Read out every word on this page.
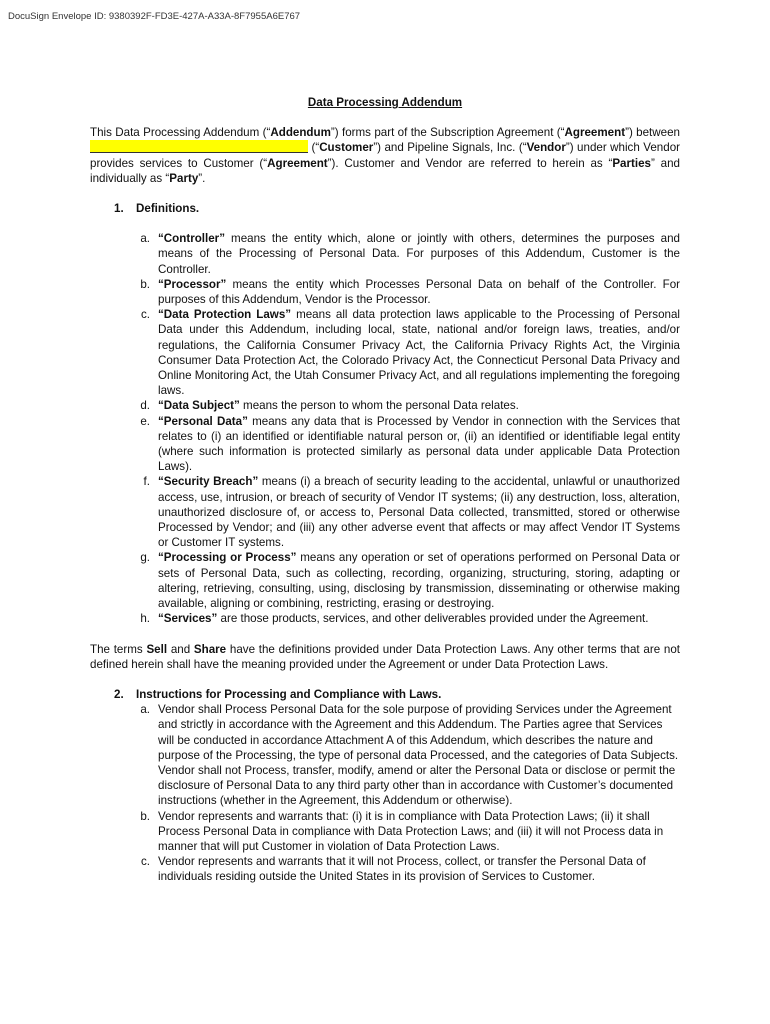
DocuSign Envelope ID: 9380392F-FD3E-427A-A33A-8F7955A6E767
Data Processing Addendum
This Data Processing Addendum (“Addendum”) forms part of the Subscription Agreement (“Agreement”) between  (“Customer”) and Pipeline Signals, Inc. (“Vendor”) under which Vendor provides services to Customer (“Agreement”). Customer and Vendor are referred to herein as “Parties” and individually as “Party”.
1.	Definitions.
a. “Controller” means the entity which, alone or jointly with others, determines the purposes and means of the Processing of Personal Data. For purposes of this Addendum, Customer is the Controller.
b. “Processor” means the entity which Processes Personal Data on behalf of the Controller. For purposes of this Addendum, Vendor is the Processor.
c. “Data Protection Laws” means all data protection laws applicable to the Processing of Personal Data under this Addendum, including local, state, national and/or foreign laws, treaties, and/or regulations, the California Consumer Privacy Act, the California Privacy Rights Act, the Virginia Consumer Data Protection Act, the Colorado Privacy Act, the Connecticut Personal Data Privacy and Online Monitoring Act, the Utah Consumer Privacy Act, and all regulations implementing the foregoing laws.
d. “Data Subject” means the person to whom the personal Data relates.
e. “Personal Data” means any data that is Processed by Vendor in connection with the Services that relates to (i) an identified or identifiable natural person or, (ii) an identified or identifiable legal entity (where such information is protected similarly as personal data under applicable Data Protection Laws).
f. “Security Breach” means (i) a breach of security leading to the accidental, unlawful or unauthorized access, use, intrusion, or breach of security of Vendor IT systems; (ii) any destruction, loss, alteration, unauthorized disclosure of, or access to, Personal Data collected, transmitted, stored or otherwise Processed by Vendor; and (iii) any other adverse event that affects or may affect Vendor IT Systems or Customer IT systems.
g. “Processing or Process” means any operation or set of operations performed on Personal Data or sets of Personal Data, such as collecting, recording, organizing, structuring, storing, adapting or altering, retrieving, consulting, using, disclosing by transmission, disseminating or otherwise making available, aligning or combining, restricting, erasing or destroying.
h. “Services” are those products, services, and other deliverables provided under the Agreement.
The terms Sell and Share have the definitions provided under Data Protection Laws. Any other terms that are not defined herein shall have the meaning provided under the Agreement or under Data Protection Laws.
2.	Instructions for Processing and Compliance with Laws.
a. Vendor shall Process Personal Data for the sole purpose of providing Services under the Agreement and strictly in accordance with the Agreement and this Addendum. The Parties agree that Services will be conducted in accordance Attachment A of this Addendum, which describes the nature and purpose of the Processing, the type of personal data Processed, and the categories of Data Subjects. Vendor shall not Process, transfer, modify, amend or alter the Personal Data or disclose or permit the disclosure of Personal Data to any third party other than in accordance with Customer’s documented instructions (whether in the Agreement, this Addendum or otherwise).
b. Vendor represents and warrants that: (i) it is in compliance with Data Protection Laws; (ii) it shall Process Personal Data in compliance with Data Protection Laws; and (iii) it will not Process data in manner that will put Customer in violation of Data Protection Laws.
c. Vendor represents and warrants that it will not Process, collect, or transfer the Personal Data of individuals residing outside the United States in its provision of Services to Customer.
